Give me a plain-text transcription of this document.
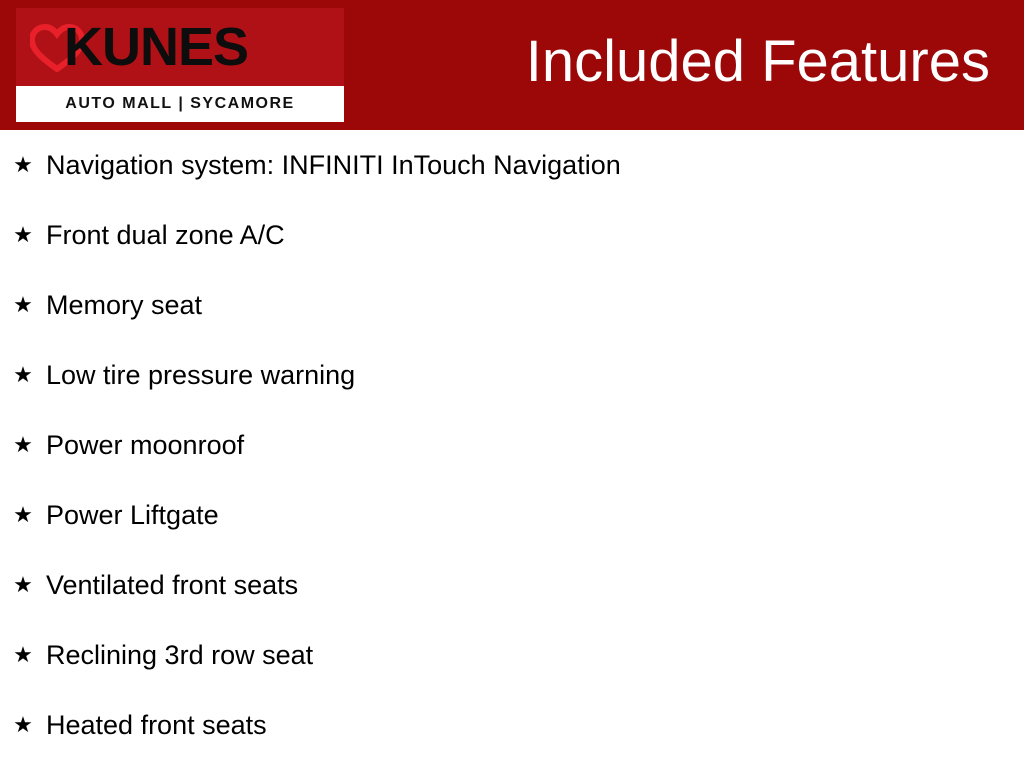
KUNES
AUTO MALL | SYCAMORE
Included Features
★ Navigation system: INFINITI InTouch Navigation
★ Front dual zone A/C
★ Memory seat
★ Low tire pressure warning
★ Power moonroof
★ Power Liftgate
★ Ventilated front seats
★ Reclining 3rd row seat
★ Heated front seats
